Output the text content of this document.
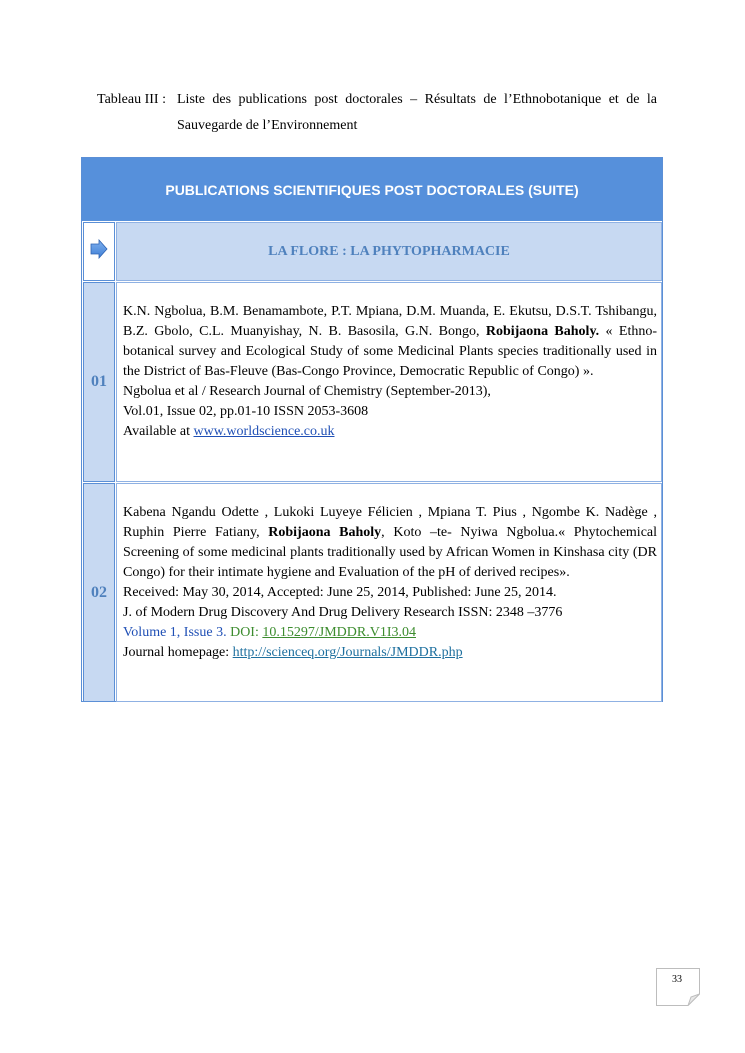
Tableau III : Liste des publications post doctorales – Résultats de l’Ethnobotanique et de la Sauvegarde de l’Environnement
PUBLICATIONS SCIENTIFIQUES POST DOCTORALES (SUITE)
LA FLORE : LA PHYTOPHARMACIE
01

K.N. Ngbolua, B.M. Benamambote, P.T. Mpiana, D.M. Muanda, E. Ekutsu, D.S.T. Tshibangu, B.Z. Gbolo, C.L. Muanyishay, N. B. Basosila, G.N. Bongo, Robijaona Baholy. « Ethno-botanical survey and Ecological Study of some Medicinal Plants species traditionally used in the District of Bas-Fleuve (Bas-Congo Province, Democratic Republic of Congo) ».

Ngbolua et al / Research Journal of Chemistry (September-2013),

Vol.01, Issue 02, pp.01-10 ISSN 2053-3608

Available at www.worldscience.co.uk

02

Kabena Ngandu Odette , Lukoki Luyeye Félicien , Mpiana T. Pius , Ngombe K. Nadège , Ruphin Pierre Fatiany, Robijaona Baholy, Koto –te- Nyiwa Ngbolua.« Phytochemical Screening of some medicinal plants traditionally used by African Women in Kinshasa city (DR Congo) for their intimate hygiene and Evaluation of the pH of derived recipes».

Received: May 30, 2014, Accepted: June 25, 2014, Published: June 25, 2014.

J. of Modern Drug Discovery And Drug Delivery Research ISSN: 2348 –3776

Volume 1, Issue 3. DOI: 10.15297/JMDDR.V1I3.04

Journal homepage: http://scienceq.org/Journals/JMDDR.php

33
